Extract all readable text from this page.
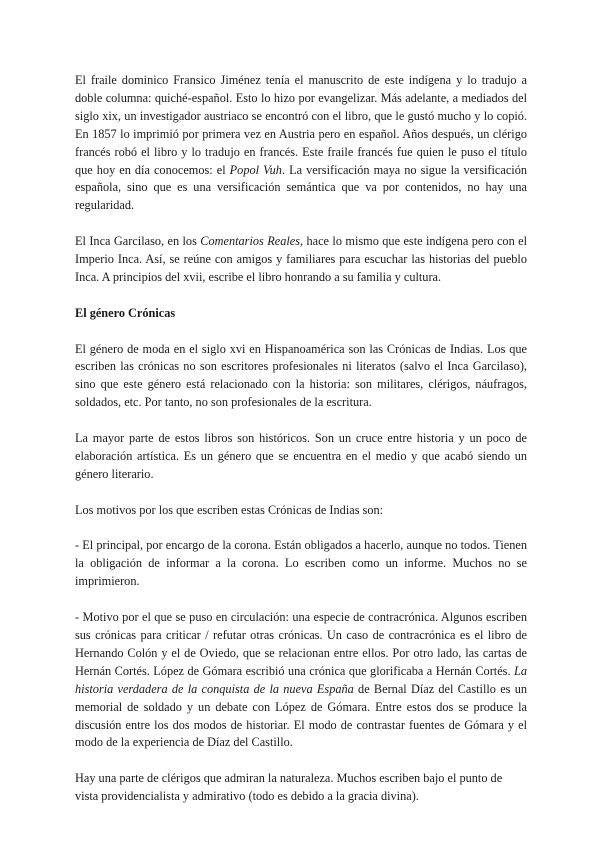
El fraile dominico Fransico Jiménez tenía el manuscrito de este indígena y lo tradujo a doble columna: quiché-español. Esto lo hizo por evangelizar. Más adelante, a mediados del siglo xix, un investigador austriaco se encontró con el libro, que le gustó mucho y lo copió. En 1857 lo imprimió por primera vez en Austria pero en español. Años después, un clérigo francés robó el libro y lo tradujo en francés. Este fraile francés fue quien le puso el título que hoy en día conocemos: el Popol Vuh. La versificación maya no sigue la versificación española, sino que es una versificación semántica que va por contenidos, no hay una regularidad.

El Inca Garcilaso, en los Comentarios Reales, hace lo mismo que este indígena pero con el Imperio Inca. Así, se reúne con amigos y familiares para escuchar las historias del pueblo Inca. A principios del xvii, escribe el libro honrando a su familia y cultura.

El género Crónicas

El género de moda en el siglo xvi en Hispanoamérica son las Crónicas de Indias. Los que escriben las crónicas no son escritores profesionales ni literatos (salvo el Inca Garcilaso), sino que este género está relacionado con la historia: son militares, clérigos, náufragos, soldados, etc. Por tanto, no son profesionales de la escritura.

La mayor parte de estos libros son históricos. Son un cruce entre historia y un poco de elaboración artística. Es un género que se encuentra en el medio y que acabó siendo un género literario.

Los motivos por los que escriben estas Crónicas de Indias son:

- El principal, por encargo de la corona. Están obligados a hacerlo, aunque no todos. Tienen la obligación de informar a la corona. Lo escriben como un informe. Muchos no se imprimieron.

- Motivo por el que se puso en circulación: una especie de contracrónica. Algunos escriben sus crónicas para criticar / refutar otras crónicas. Un caso de contracrónica es el libro de Hernando Colón y el de Oviedo, que se relacionan entre ellos. Por otro lado, las cartas de Hernán Cortés. López de Gómara escribió una crónica que glorificaba a Hernán Cortés. La historia verdadera de la conquista de la nueva España de Bernal Díaz del Castillo es un memorial de soldado y un debate con López de Gómara. Entre estos dos se produce la discusión entre los dos modos de historiar. El modo de contrastar fuentes de Gómara y el modo de la experiencia de Díaz del Castillo.

Hay una parte de clérigos que admiran la naturaleza. Muchos escriben bajo el punto de vista providencialista y admirativo (todo es debido a la gracia divina).
